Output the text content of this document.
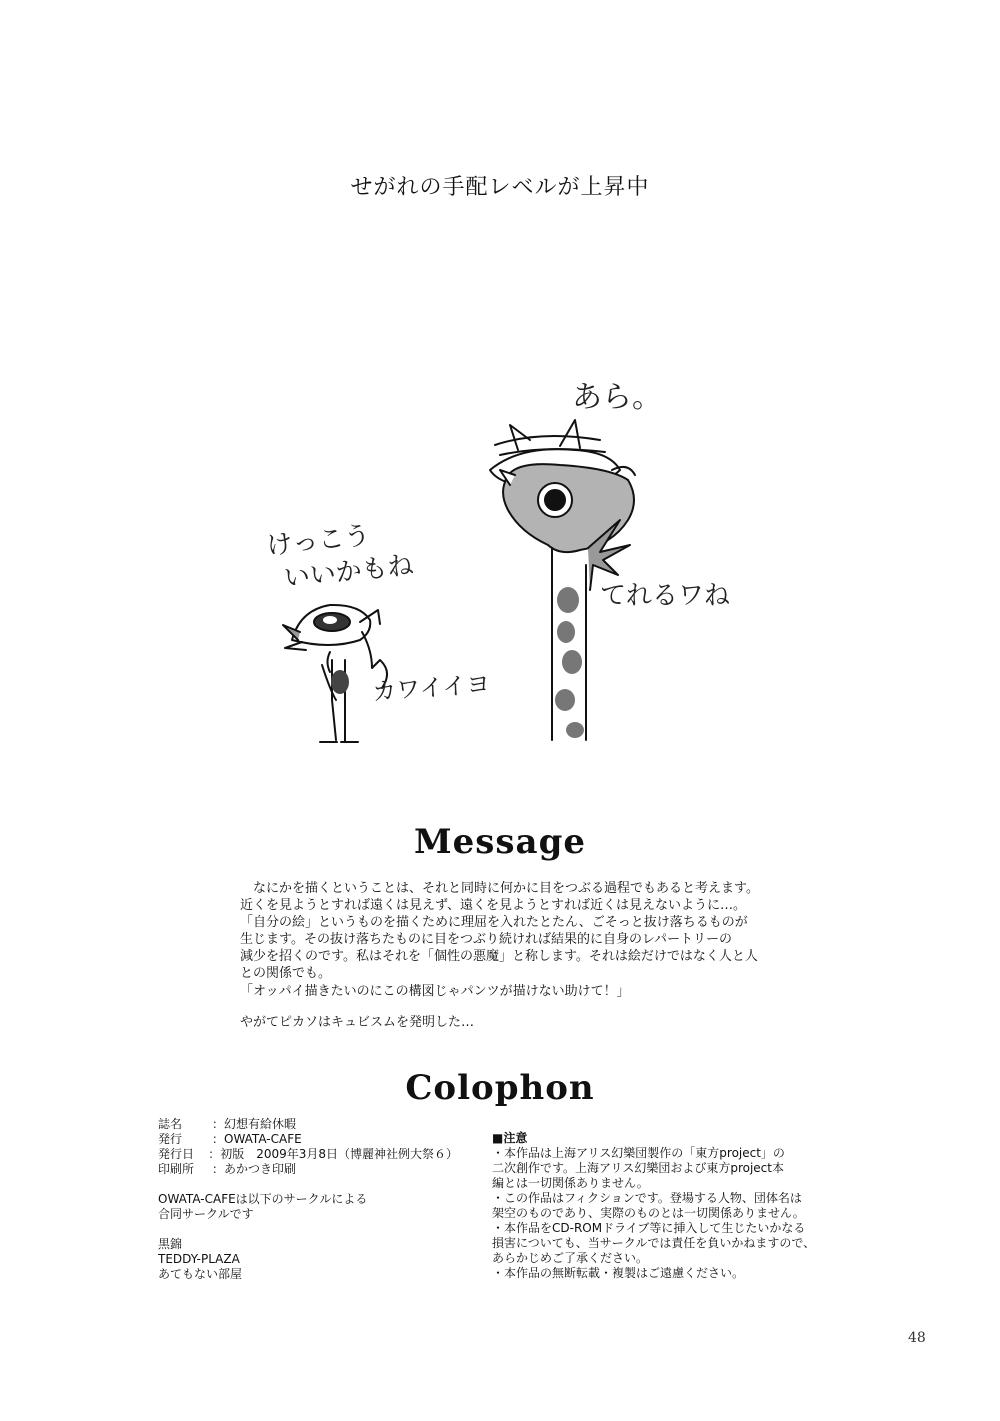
せがれの手配レベルが上昇中
けっこう
いいかもね
あら。
てれるワね
カワイイヨ
Message

なにかを描くということは、それと同時に何かに目をつぶる過程でもあると考えます。

近くを見ようとすれば遠くは見えず、遠くを見ようとすれば近くは見えないように…。

「自分の絵」というものを描くために理屈を入れたとたん、ごそっと抜け落ちるものが

生じます。その抜け落ちたものに目をつぶり続ければ結果的に自身のレパートリーの

減少を招くのです。私はそれを「個性の悪魔」と称します。それは絵だけではなく人と人

との関係でも。

「オッパイ描きたいのにこの構図じゃパンツが描けない助けて！」
やがてピカソはキュビスムを発明した…
Colophon
誌名	：幻想有給休暇
発行	：OWATA-CAFE
発行日	：初版　2009年3月8日（博麗神社例大祭６）
印刷所	：あかつき印刷
OWATA-CAFEは以下のサークルによる
合同サークルです
黒錦
TEDDY-PLAZA
あてもない部屋
■注意
・本作品は上海アリス幻樂団製作の「東方project」の
二次創作です。上海アリス幻樂団および東方project本
編とは一切関係ありません。
・この作品はフィクションです。登場する人物、団体名は
架空のものであり、実際のものとは一切関係ありません。
・本作品をCD-ROMドライブ等に挿入して生じたいかなる
損害についても、当サークルでは責任を負いかねますので、
あらかじめご了承ください。
・本作品の無断転載・複製はご遠慮ください。
48
